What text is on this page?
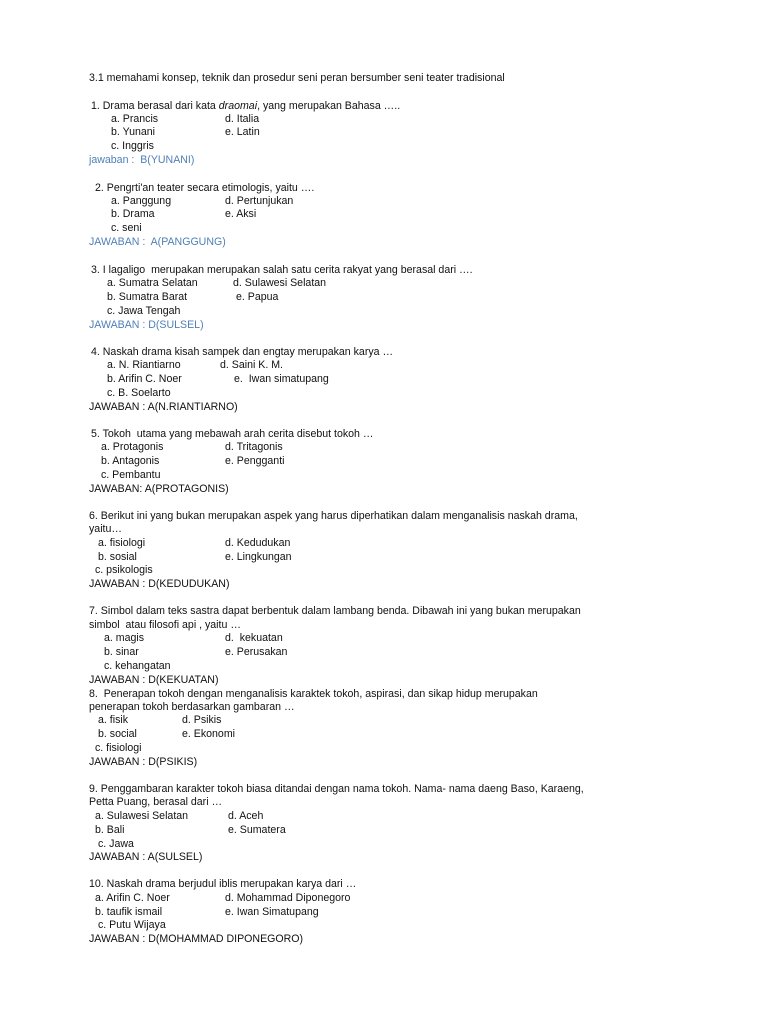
3.1 memahami konsep, teknik dan prosedur seni peran bersumber seni teater tradisional
1. Drama berasal dari kata draomai, yang merupakan Bahasa …..
a. Prancis	d. Italia
b. Yunani	e. Latin
c. Inggris
jawaban :  B(YUNANI)
2. Pengrti'an teater secara etimologis, yaitu ….
a. Panggung	d. Pertunjukan
b. Drama	e. Aksi
c. seni
JAWABAN :  A(PANGGUNG)
3. I lagaligo  merupakan merupakan salah satu cerita rakyat yang berasal dari ….
a. Sumatra Selatan	d. Sulawesi Selatan
b. Sumatra Barat	e. Papua
c. Jawa Tengah
JAWABAN : D(SULSEL)
4. Naskah drama kisah sampek dan engtay merupakan karya …
a. N. Riantiarno	d. Saini K. M.
b. Arifin C. Noer	e.  Iwan simatupang
c. B. Soelarto
JAWABAN : A(N.RIANTIARNO)
5. Tokoh  utama yang mebawah arah cerita disebut tokoh …
a. Protagonis	d. Tritagonis
b. Antagonis	e. Pengganti
c. Pembantu
JAWABAN: A(PROTAGONIS)
6. Berikut ini yang bukan merupakan aspek yang harus diperhatikan dalam menganalisis naskah drama,
yaitu…
a. fisiologi	d. Kedudukan
b. sosial	e. Lingkungan
c. psikologis
JAWABAN : D(KEDUDUKAN)
7. Simbol dalam teks sastra dapat berbentuk dalam lambang benda. Dibawah ini yang bukan merupakan
simbol  atau filosofi api , yaitu …
a. magis	d.  kekuatan
b. sinar	e. Perusakan
c. kehangatan
JAWABAN : D(KEKUATAN)
8.  Penerapan tokoh dengan menganalisis karaktek tokoh, aspirasi, dan sikap hidup merupakan
penerapan tokoh berdasarkan gambaran …
a. fisik	d. Psikis
b. social	e. Ekonomi
c. fisiologi
JAWABAN : D(PSIKIS)
9. Penggambaran karakter tokoh biasa ditandai dengan nama tokoh. Nama- nama daeng Baso, Karaeng,
Petta Puang, berasal dari …
a. Sulawesi Selatan	d. Aceh
b. Bali	e. Sumatera
c. Jawa
JAWABAN : A(SULSEL)
10. Naskah drama berjudul iblis merupakan karya dari …
a. Arifin C. Noer	d. Mohammad Diponegoro
b. taufik ismail	e. Iwan Simatupang
c. Putu Wijaya
JAWABAN : D(MOHAMMAD DIPONEGORO)
